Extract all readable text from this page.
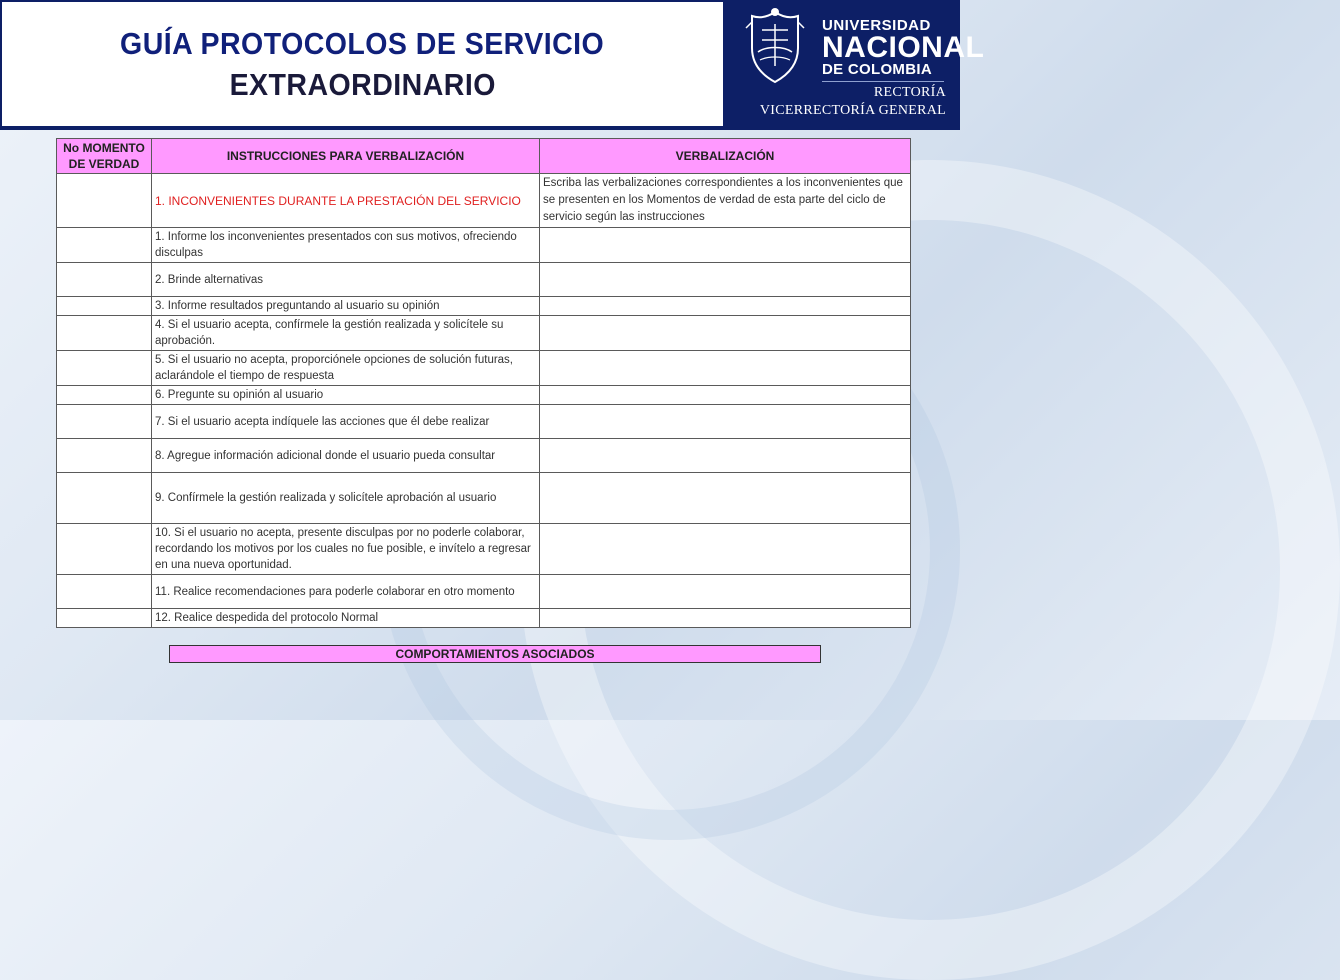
GUÍA PROTOCOLOS DE SERVICIO
EXTRAORDINARIO
UNIVERSIDAD
NACIONAL
DE COLOMBIA
RECTORÍA
VICERRECTORÍA GENERAL
No MOMENTO DE VERDAD	INSTRUCCIONES PARA VERBALIZACIÓN	VERBALIZACIÓN
	1. INCONVENIENTES DURANTE LA PRESTACIÓN DEL SERVICIO	Escriba las verbalizaciones correspondientes a los inconvenientes que se presenten en los Momentos de verdad de esta parte del ciclo de servicio según las instrucciones
	1. Informe los inconvenientes presentados con sus motivos, ofreciendo disculpas	
	2. Brinde alternativas	
	3. Informe resultados preguntando al usuario su opinión	
	4. Si el usuario acepta, confírmele la gestión realizada y solicítele su aprobación.	
	5. Si el usuario no acepta, proporciónele opciones de solución futuras, aclarándole el tiempo de respuesta	
	6. Pregunte su opinión al usuario	
	7. Si el usuario acepta indíquele las acciones que él debe realizar	
	8. Agregue información adicional donde el usuario pueda consultar	
	9. Confírmele la gestión realizada y solicítele aprobación al usuario	
	10. Si el usuario no acepta, presente disculpas por no poderle colaborar, recordando los motivos por los cuales no fue posible, e invítelo a regresar en una nueva oportunidad.	
	11. Realice recomendaciones para poderle colaborar en otro momento	
	12. Realice despedida del protocolo Normal	
COMPORTAMIENTOS ASOCIADOS
